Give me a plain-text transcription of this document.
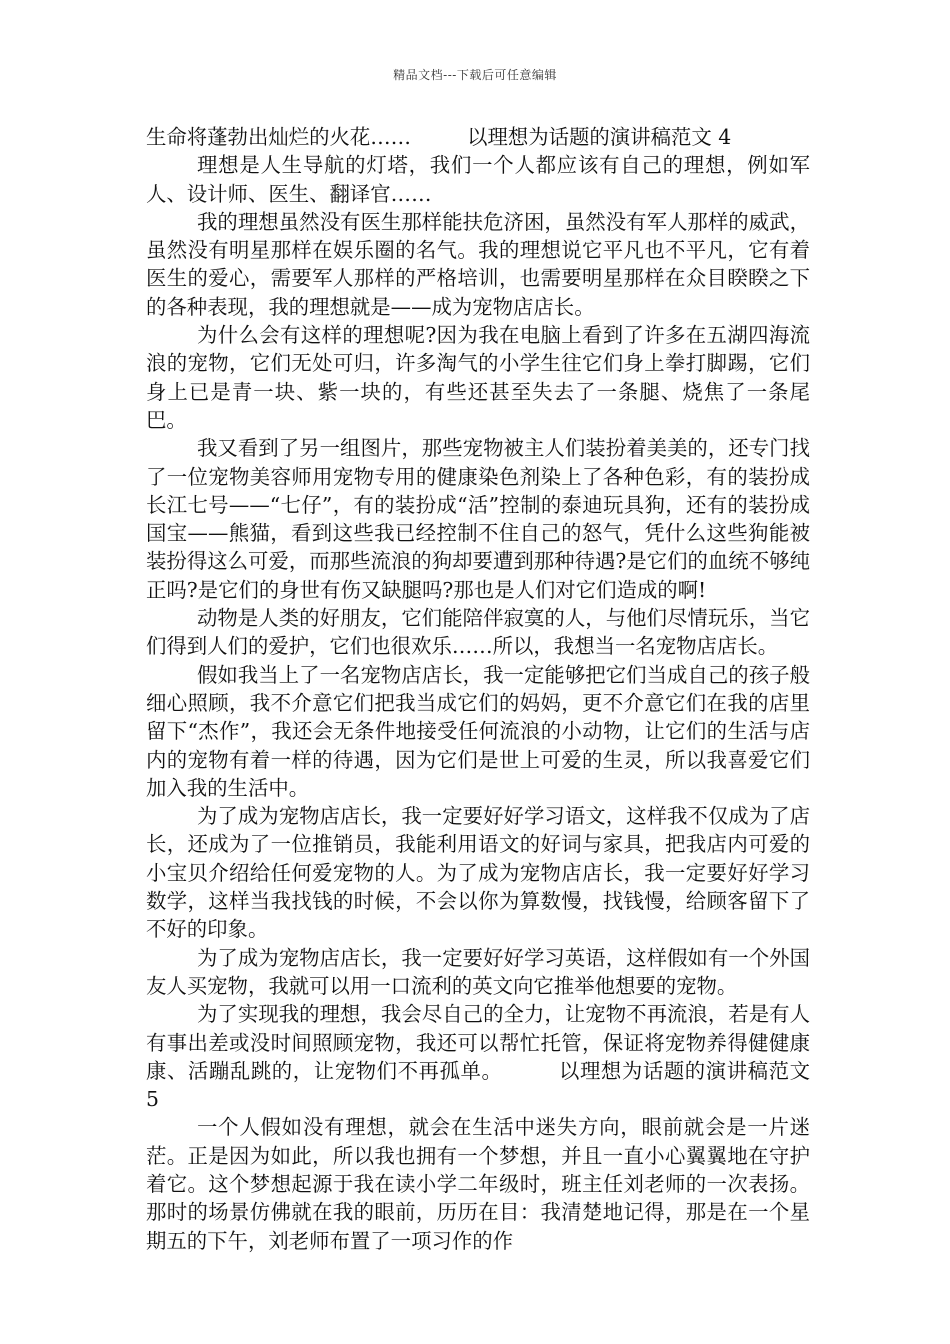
精品文档---下载后可任意编辑

生命将蓬勃出灿烂的火花……	以理想为话题的演讲稿范文 4

理想是人生导航的灯塔，我们一个人都应该有自己的理想，例如军人、设计师、医生、翻译官……

我的理想虽然没有医生那样能扶危济困，虽然没有军人那样的威武，虽然没有明星那样在娱乐圈的名气。我的理想说它平凡也不平凡，它有着医生的爱心，需要军人那样的严格培训，也需要明星那样在众目睽睽之下的各种表现，我的理想就是——成为宠物店店长。

为什么会有这样的理想呢?因为我在电脑上看到了许多在五湖四海流浪的宠物，它们无处可归，许多淘气的小学生往它们身上拳打脚踢，它们身上已是青一块、紫一块的，有些还甚至失去了一条腿、烧焦了一条尾巴。

我又看到了另一组图片，那些宠物被主人们装扮着美美的，还专门找了一位宠物美容师用宠物专用的健康染色剂染上了各种色彩，有的装扮成长江七号——“七仔”，有的装扮成“活”控制的泰迪玩具狗，还有的装扮成国宝——熊猫，看到这些我已经控制不住自己的怒气，凭什么这些狗能被装扮得这么可爱，而那些流浪的狗却要遭到那种待遇?是它们的血统不够纯正吗?是它们的身世有伤又缺腿吗?那也是人们对它们造成的啊!

动物是人类的好朋友，它们能陪伴寂寞的人，与他们尽情玩乐，当它们得到人们的爱护，它们也很欢乐……所以，我想当一名宠物店店长。

假如我当上了一名宠物店店长，我一定能够把它们当成自己的孩子般细心照顾，我不介意它们把我当成它们的妈妈，更不介意它们在我的店里留下“杰作”，我还会无条件地接受任何流浪的小动物，让它们的生活与店内的宠物有着一样的待遇，因为它们是世上可爱的生灵，所以我喜爱它们加入我的生活中。

为了成为宠物店店长，我一定要好好学习语文，这样我不仅成为了店长，还成为了一位推销员，我能利用语文的好词与家具，把我店内可爱的小宝贝介绍给任何爱宠物的人。为了成为宠物店店长，我一定要好好学习数学，这样当我找钱的时候，不会以你为算数慢，找钱慢，给顾客留下了不好的印象。

为了成为宠物店店长，我一定要好好学习英语，这样假如有一个外国友人买宠物，我就可以用一口流利的英文向它推举他想要的宠物。

为了实现我的理想，我会尽自己的全力，让宠物不再流浪，若是有人有事出差或没时间照顾宠物，我还可以帮忙托管，保证将宠物养得健健康康、活蹦乱跳的，让宠物们不再孤单。	以理想为话题的演讲稿范文 5

一个人假如没有理想，就会在生活中迷失方向，眼前就会是一片迷茫。正是因为如此，所以我也拥有一个梦想，并且一直小心翼翼地在守护着它。这个梦想起源于我在读小学二年级时，班主任刘老师的一次表扬。那时的场景仿佛就在我的眼前，历历在目：我清楚地记得，那是在一个星期五的下午，刘老师布置了一项习作的作
